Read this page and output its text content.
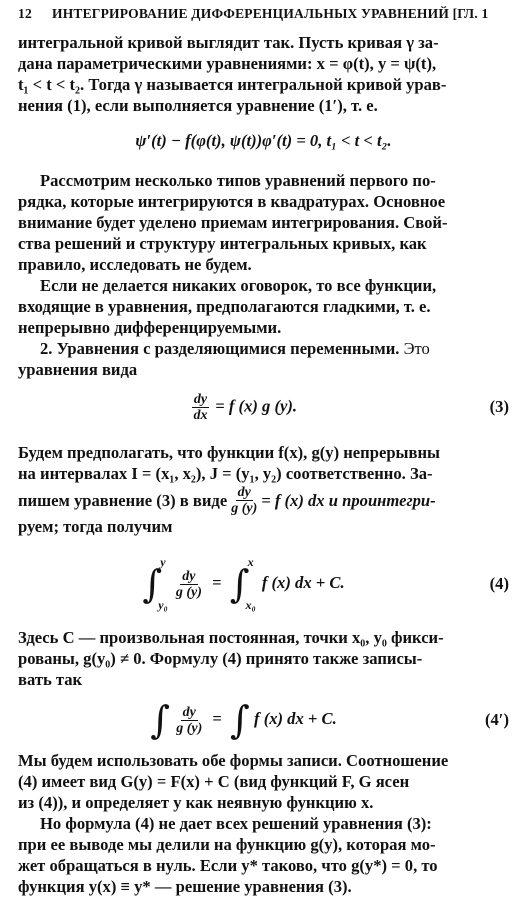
12	ИНТЕГРИРОВАНИЕ ДИФФЕРЕНЦИАЛЬНЫХ УРАВНЕНИЙ [ГЛ. 1
интегральной кривой выглядит так. Пусть кривая γ за-
дана параметрическими уравнениями: x = φ(t), y = ψ(t),
t₁ < t < t₂. Тогда γ называется интегральной кривой урав-
нения (1), если выполняется уравнение (1′), т. е.
ψ′(t) − f(φ(t), ψ(t))φ′(t) = 0, t₁ < t < t₂.
Рассмотрим несколько типов уравнений первого по-
рядка, которые интегрируются в квадратурах. Основное
внимание будет уделено приемам интегрирования. Свой-
ства решений и структуру интегральных кривых, как
правило, исследовать не будем.
Если не делается никаких оговорок, то все функции,
входящие в уравнения, предполагаются гладкими, т. е.
непрерывно дифференцируемыми.
2. Уравнения с разделяющимися переменными. Это
уравнения вида
$\frac{dy}{dx} = f$ (x) g (y).	(3)
Будем предполагать, что функции f(x), g(y) непрерывны
на интервалах I = (x₁, x₂), J = (y₁, y₂) соответственно. За-
пишем уравнение (3) в виде $\frac{dy}{g (y)} = f$ (x) dx и проинтегри-
руем; тогда получим
∫
y
y₀

$\frac{dy}{g (y)}$ = ∫
x
x₀
f (x) dx + C.	(4)
Здесь C — произвольная постоянная, точки x₀, y₀ фикси-
рованы, g(y₀) ≠ 0. Формулу (4) принято также записы-
вать так
∫
$\frac{dy}{g (y)}$ = ∫ f (x) dx + C.	(4′)
Мы будем использовать обе формы записи. Соотношение
(4) имеет вид G(y) = F(x) + C (вид функций F, G ясен
из (4)), и определяет y как неявную функцию x.
Но формула (4) не дает всех решений уравнения (3):
при ее выводе мы делили на функцию g(y), которая мо-
жет обращаться в нуль. Если y* таково, что g(y*) = 0, то
функция y(x) ≡ y* — решение уравнения (3).
